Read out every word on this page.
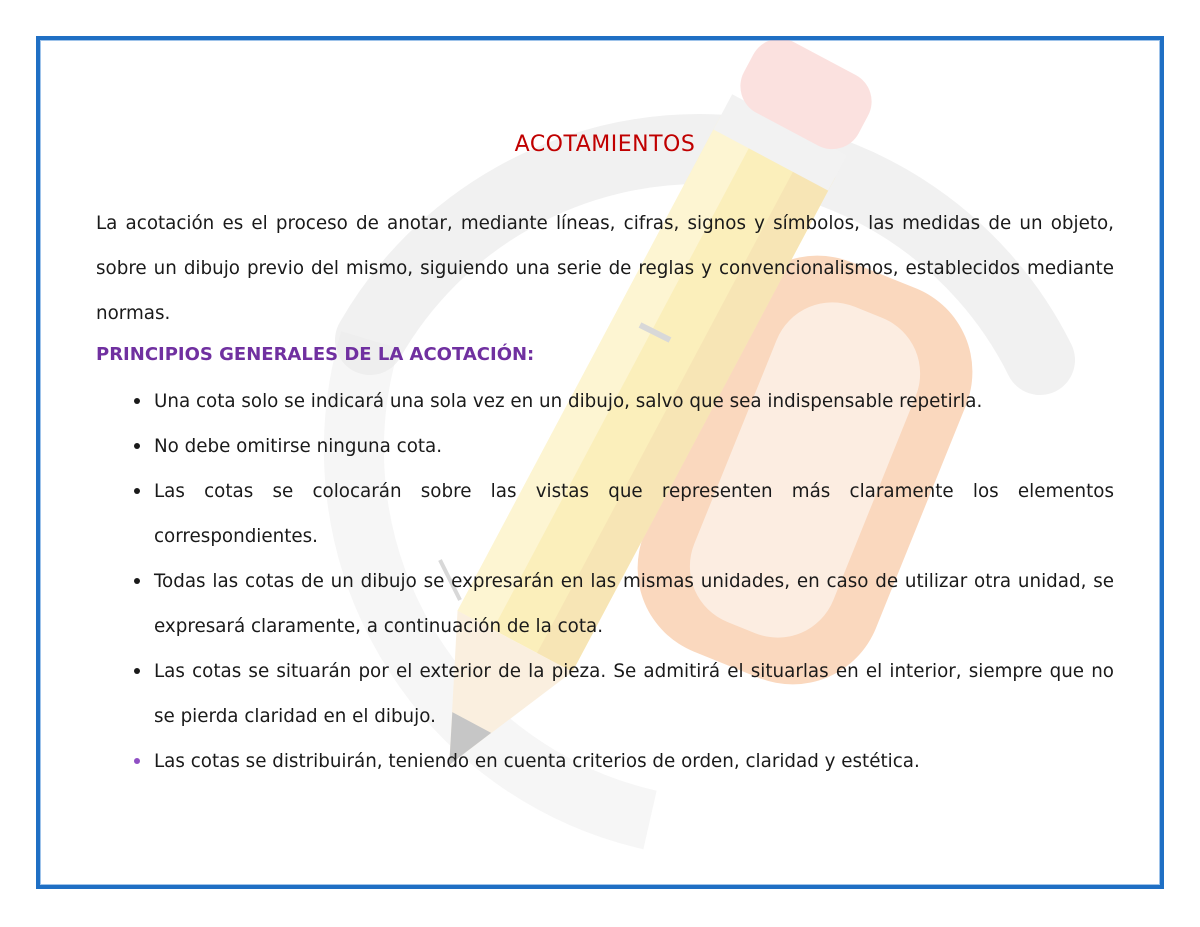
ACOTAMIENTOS

La acotación es el proceso de anotar, mediante líneas, cifras, signos y símbolos, las medidas de un objeto, sobre un dibujo previo del mismo, siguiendo una serie de reglas y convencionalismos, establecidos mediante normas.

PRINCIPIOS GENERALES DE LA ACOTACIÓN:
Una cota solo se indicará una sola vez en un dibujo, salvo que sea indispensable repetirla.
No debe omitirse ninguna cota.
Las cotas se colocarán sobre las vistas que representen más claramente los elementos correspondientes.
Todas las cotas de un dibujo se expresarán en las mismas unidades, en caso de utilizar otra unidad, se expresará claramente, a continuación de la cota.
Las cotas se situarán por el exterior de la pieza. Se admitirá el situarlas en el interior, siempre que no se pierda claridad en el dibujo.
Las cotas se distribuirán, teniendo en cuenta criterios de orden, claridad y estética.
